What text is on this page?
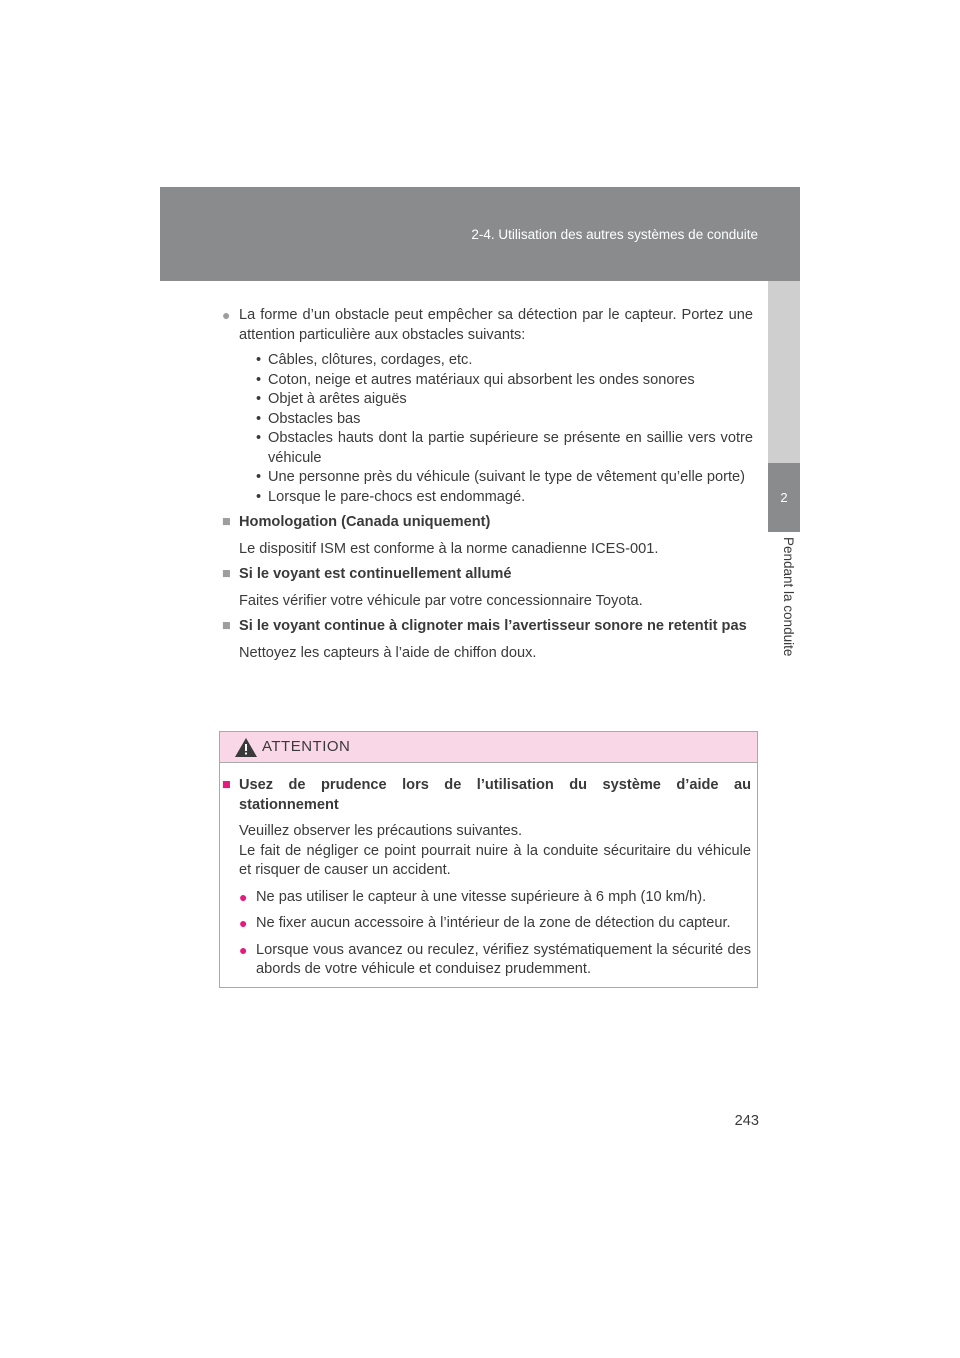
2-4. Utilisation des autres systèmes de conduite
2
Pendant la conduite
● La forme d’un obstacle peut empêcher sa détection par le capteur. Portez une attention particulière aux obstacles suivants:
• Câbles, clôtures, cordages, etc.
• Coton, neige et autres matériaux qui absorbent les ondes sonores
• Objet à arêtes aiguës
• Obstacles bas
• Obstacles hauts dont la partie supérieure se présente en saillie vers votre véhicule
• Une personne près du véhicule (suivant le type de vêtement qu’elle porte)
• Lorsque le pare-chocs est endommagé.
■ Homologation (Canada uniquement)
Le dispositif ISM est conforme à la norme canadienne ICES-001.
■ Si le voyant est continuellement allumé
Faites vérifier votre véhicule par votre concessionnaire Toyota.
■ Si le voyant continue à clignoter mais l’avertisseur sonore ne retentit pas
Nettoyez les capteurs à l’aide de chiffon doux.
ATTENTION
■ Usez de prudence lors de l’utilisation du système d’aide au stationnement
Veuillez observer les précautions suivantes.
Le fait de négliger ce point pourrait nuire à la conduite sécuritaire du véhicule et risquer de causer un accident.
● Ne pas utiliser le capteur à une vitesse supérieure à 6 mph (10 km/h).
● Ne fixer aucun accessoire à l’intérieur de la zone de détection du capteur.
● Lorsque vous avancez ou reculez, vérifiez systématiquement la sécurité des abords de votre véhicule et conduisez prudemment.
243
